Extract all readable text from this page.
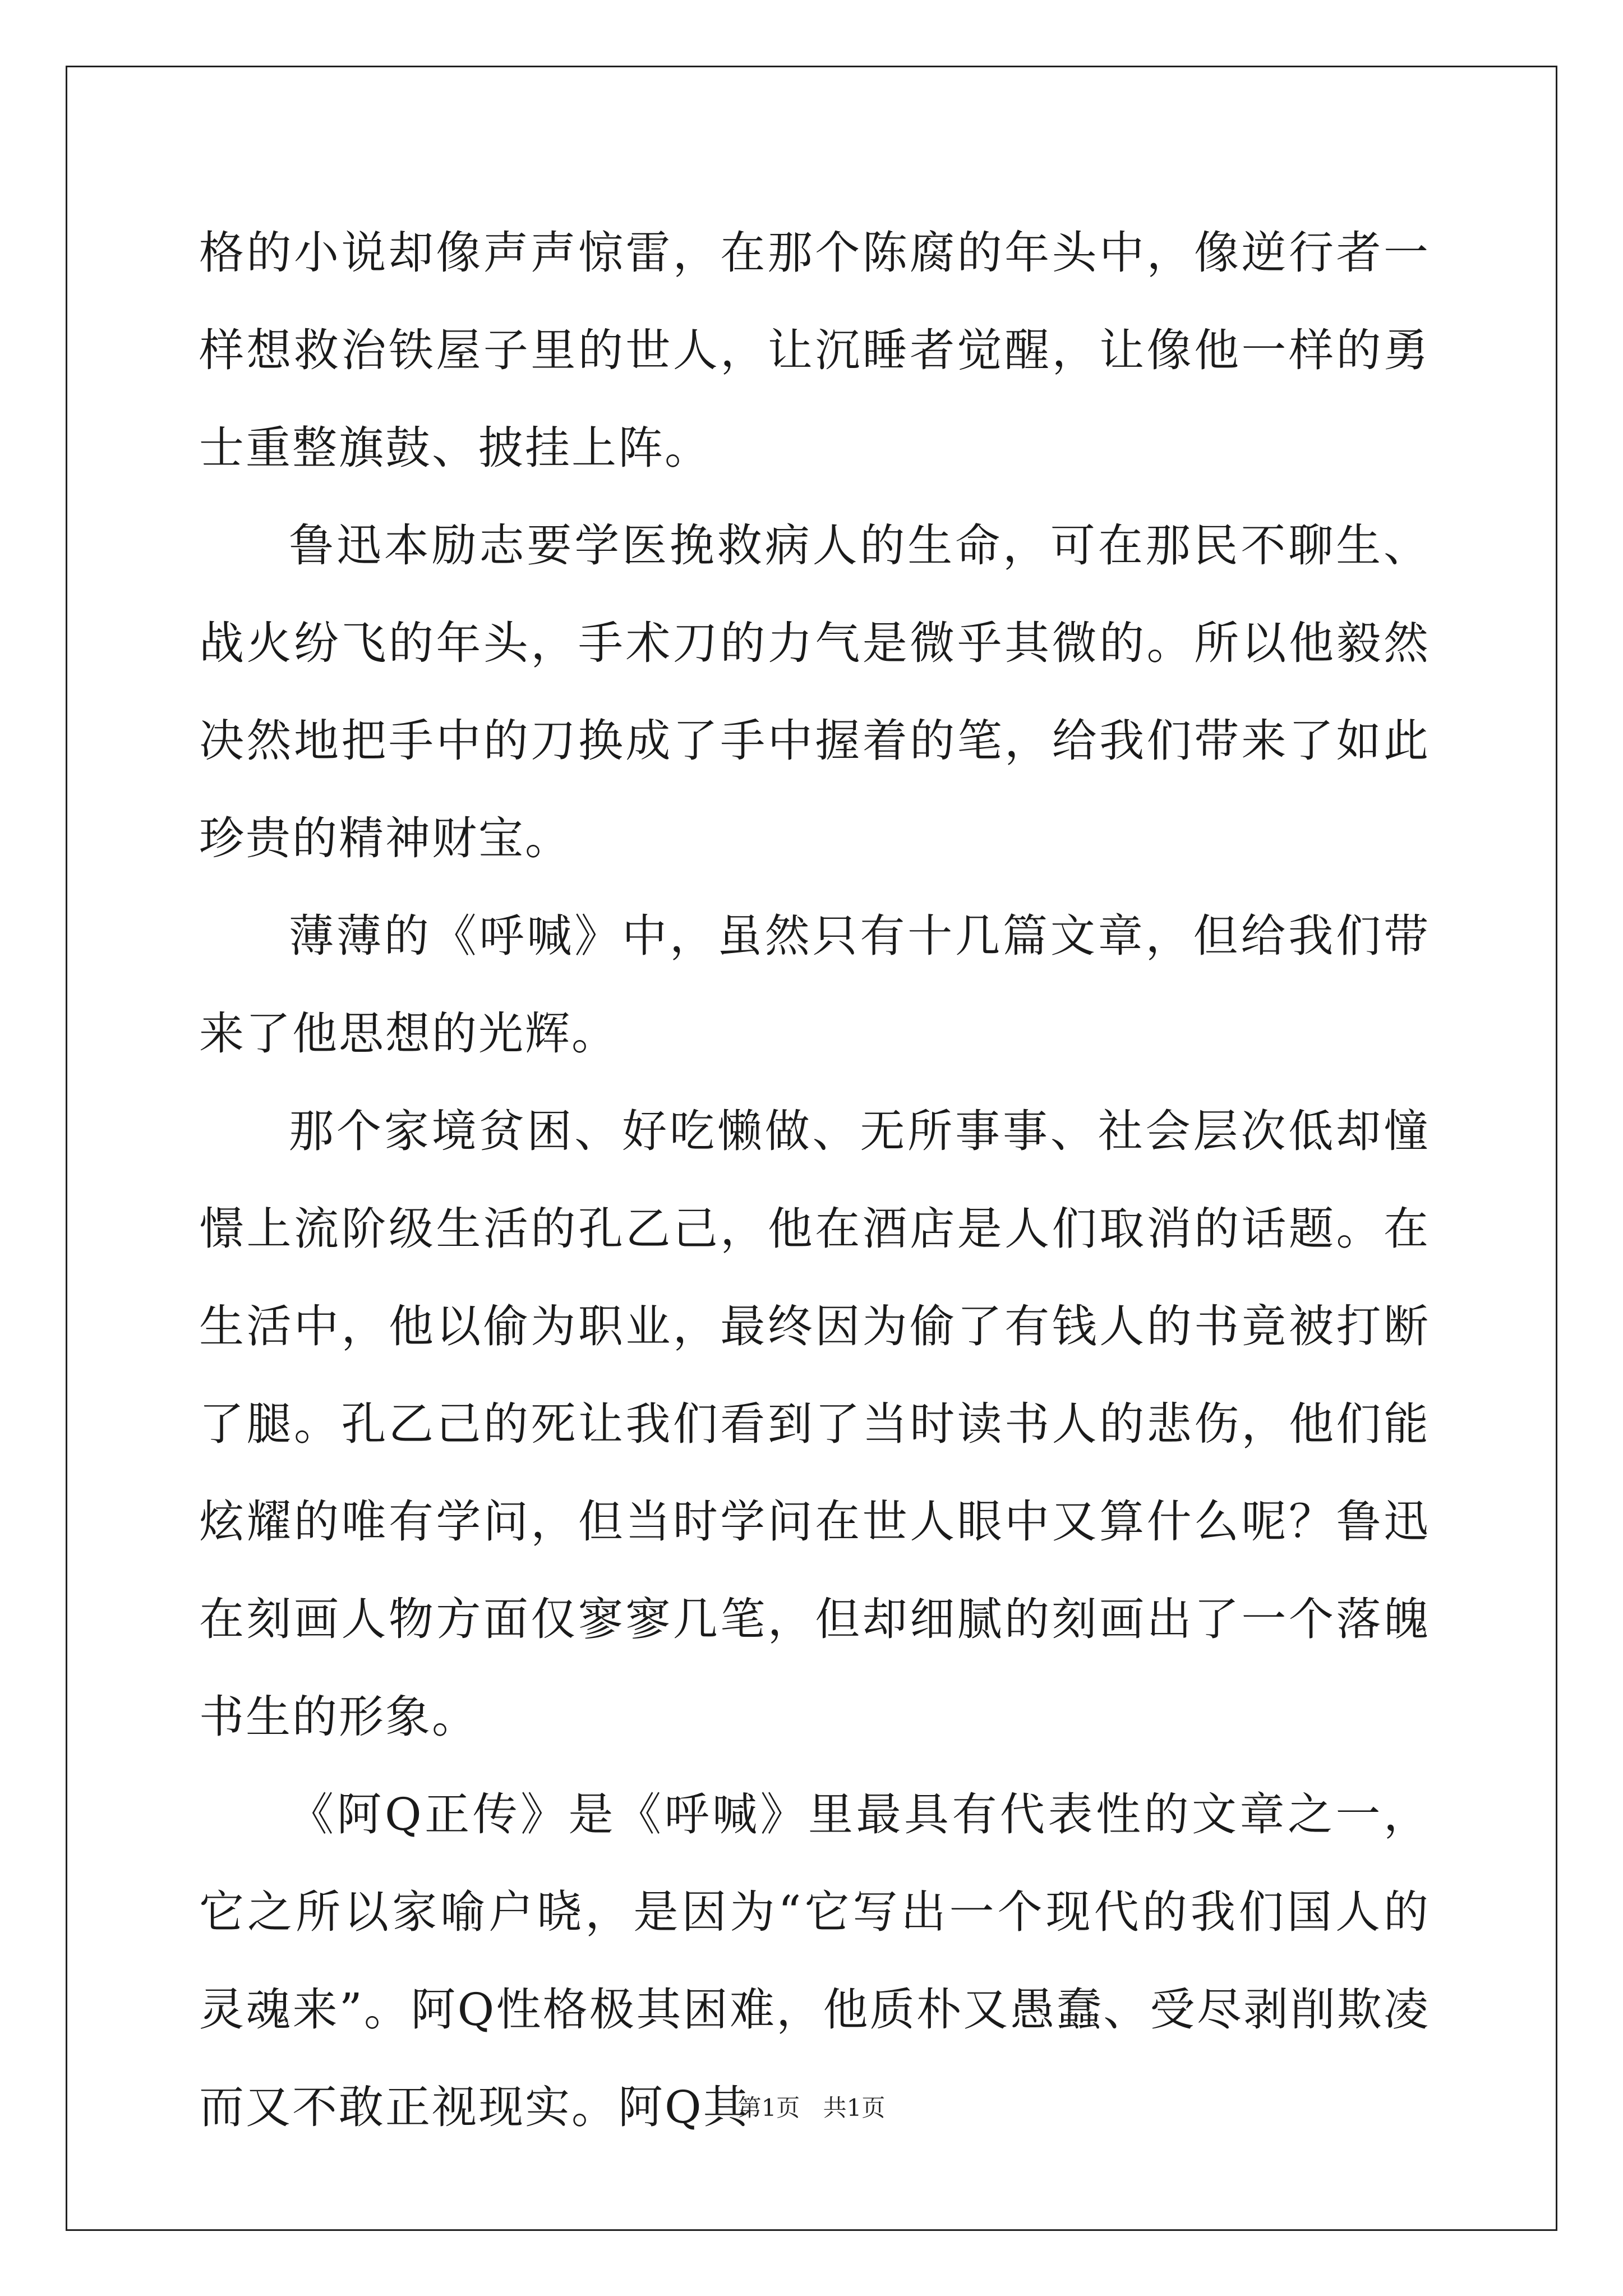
格的小说却像声声惊雷，在那个陈腐的年头中，像逆行者一样想救治铁屋子里的世人，让沉睡者觉醒，让像他一样的勇士重整旗鼓、披挂上阵。

鲁迅本励志要学医挽救病人的生命，可在那民不聊生、战火纷飞的年头，手术刀的力气是微乎其微的。所以他毅然决然地把手中的刀换成了手中握着的笔，给我们带来了如此珍贵的精神财宝。

薄薄的《呼喊》中，虽然只有十几篇文章，但给我们带来了他思想的光辉。

那个家境贫困、好吃懒做、无所事事、社会层次低却憧憬上流阶级生活的孔乙己，他在酒店是人们取消的话题。在生活中，他以偷为职业，最终因为偷了有钱人的书竟被打断了腿。孔乙己的死让我们看到了当时读书人的悲伤，他们能炫耀的唯有学问，但当时学问在世人眼中又算什么呢？鲁迅在刻画人物方面仅寥寥几笔，但却细腻的刻画出了一个落魄书生的形象。

《阿Q正传》是《呼喊》里最具有代表性的文章之一，它之所以家喻户晓，是因为“它写出一个现代的我们国人的灵魂来”。阿Q性格极其困难，他质朴又愚蠢、受尽剥削欺凌而又不敢正视现实。阿Q其

第1页 共1页
